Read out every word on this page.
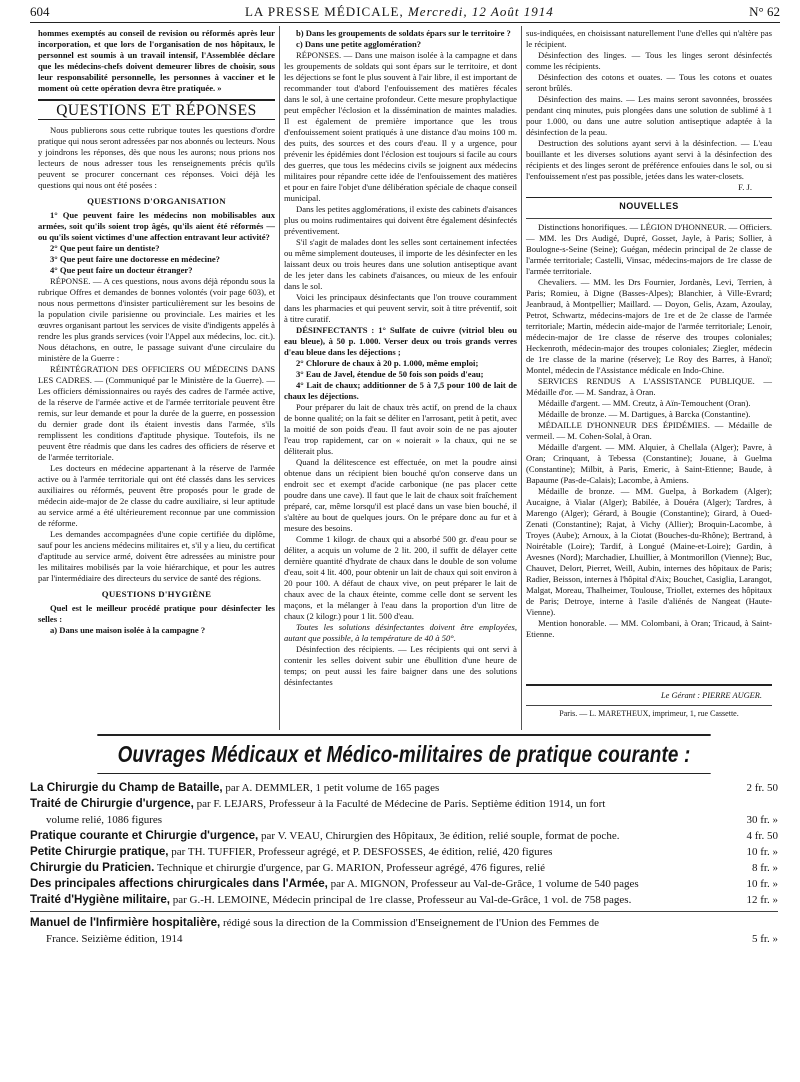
604	LA PRESSE MÉDICALE, Mercredi, 12 Août 1914	N° 62

hommes exemptés au conseil de revision ou réformés après leur incorporation, et que lors de l'organisation de nos hôpitaux, le personnel est soumis à un travail intensif, l'Assemblée déclare que les médecins-chefs doivent demeurer libres de choisir, sous leur responsabilité personnelle, les personnes à vacciner et le moment où cette opération devra être pratiquée. »

QUESTIONS ET RÉPONSES

Nous publierons sous cette rubrique toutes les questions d'ordre pratique qui nous seront adressées par nos abonnés ou lecteurs. Nous y joindrons les réponses, dès que nous les aurons; nous prions nos lecteurs de nous adresser tous les renseignements précis qu'ils peuvent se procurer concernant ces réponses. Voici déjà les questions qui nous ont été posées :

QUESTIONS D'ORGANISATION

1° Que peuvent faire les médecins non mobilisables aux armées, soit qu'ils soient trop âgés, qu'ils aient été réformés — ou qu'ils soient victimes d'une affection entravant leur activité?

2° Que peut faire un dentiste?

3° Que peut faire une doctoresse en médecine?

4° Que peut faire un docteur étranger?

RÉPONSE. — A ces questions, nous avons déjà répondu sous la rubrique Offres et demandes de bonnes volontés (voir page 603), et nous nous permettons d'insister particulièrement sur les besoins de la population civile parisienne ou provinciale. Les mairies et les œuvres organisant partout les services de visite d'indigents appelés à rendre les plus grands services (voir l'Appel aux médecins, loc. cit.). Nous détachons, en outre, le passage suivant d'une circulaire du ministère de la Guerre :

RÉINTÉGRATION DES OFFICIERS OU MÉDECINS DANS LES CADRES. — (Communiqué par le Ministère de la Guerre). — Les officiers démissionnaires ou rayés des cadres de l'armée active, de la réserve de l'armée active et de l'armée territoriale peuvent être remis, sur leur demande et pour la durée de la guerre, en possession du dernier grade dont ils étaient investis dans l'armée, s'ils remplissent les conditions d'aptitude physique. Toutefois, ils ne peuvent être réadmis que dans les cadres des officiers de réserve et de l'armée territoriale.

Les docteurs en médecine appartenant à la réserve de l'armée active ou à l'armée territoriale qui ont été classés dans les services auxiliaires ou réformés, peuvent être proposés pour le grade de médecin aide-major de 2e classe du cadre auxiliaire, si leur aptitude au service armé a été ultérieurement reconnue par une commission de réforme.

Les demandes accompagnées d'une copie certifiée du diplôme, sauf pour les anciens médecins militaires et, s'il y a lieu, du certificat d'aptitude au service armé, doivent être adressées au ministre pour les militaires mobilisés par la voie hiérarchique, et pour les autres par l'intermédiaire des directeurs du service de santé des régions.

QUESTIONS D'HYGIÈNE

Quel est le meilleur procédé pratique pour désinfecter les selles :

a) Dans une maison isolée à la campagne ?

b) Dans les groupements de soldats épars sur le territoire ?

c) Dans une petite agglomération?

RÉPONSES. — Dans une maison isolée à la campagne et dans les groupements de soldats qui sont épars sur le territoire, et dont les déjections se font le plus souvent à l'air libre, il est important de recommander tout d'abord l'enfouissement des matières fécales dans le sol, à une certaine profondeur. Cette mesure prophylactique peut empêcher l'éclosion et la dissémination de maintes maladies. Il est également de première importance que les trous d'enfouissement soient pratiqués à une distance d'au moins 100 m. des puits, des sources et des cours d'eau. Il y a urgence, pour prévenir les épidémies dont l'éclosion est toujours si facile au cours des guerres, que tous les médecins civils se joignent aux médecins militaires pour répandre cette idée de l'enfouissement des matières et pour en faire l'objet d'une délibération spéciale de chaque conseil municipal.

Dans les petites agglomérations, il existe des cabinets d'aisances plus ou moins rudimentaires qui doivent être également désinfectés préventivement.

S'il s'agit de malades dont les selles sont certainement infectées ou même simplement douteuses, il importe de les désinfecter en les laissant deux ou trois heures dans une solution antiseptique avant de les jeter dans les cabinets d'aisances, ou mieux de les enfouir dans le sol.

Voici les principaux désinfectants que l'on trouve couramment dans les pharmacies et qui peuvent servir, soit à titre préventif, soit à titre curatif.

DÉSINFECTANTS : 1° Sulfate de cuivre (vitriol bleu ou eau bleue), à 50 p. 1.000. Verser deux ou trois grands verres d'eau bleue dans les déjections ;

2° Chlorure de chaux à 20 p. 1.000, même emploi;

3° Eau de Javel, étendue de 50 fois son poids d'eau;

4° Lait de chaux; additionner de 5 à 7,5 pour 100 de lait de chaux les déjections.

Pour préparer du lait de chaux très actif, on prend de la chaux de bonne qualité; on la fait se déliter en l'arrosant, petit à petit, avec la moitié de son poids d'eau. Il faut avoir soin de ne pas ajouter l'eau trop rapidement, car on « noierait » la chaux, qui ne se déliterait plus.

Quand la délitescence est effectuée, on met la poudre ainsi obtenue dans un récipient bien bouché qu'on conserve dans un endroit sec et exempt d'acide carbonique (ne pas placer cette poudre dans une cave). Il faut que le lait de chaux soit fraîchement préparé, car, même lorsqu'il est placé dans un vase bien bouché, il s'altère au bout de quelques jours. On le prépare donc au fur et à mesure des besoins.

Comme 1 kilogr. de chaux qui a absorbé 500 gr. d'eau pour se déliter, a acquis un volume de 2 lit. 200, il suffit de délayer cette dernière quantité d'hydrate de chaux dans le double de son volume d'eau, soit 4 lit. 400, pour obtenir un lait de chaux qui soit environ à 20 pour 100. A défaut de chaux vive, on peut préparer le lait de chaux avec de la chaux éteinte, comme celle dont se servent les maçons, et la mélanger à l'eau dans la proportion d'un litre de chaux (2 kilogr.) pour 1 lit. 500 d'eau.

Toutes les solutions désinfectantes doivent être employées, autant que possible, à la température de 40 à 50°.

Désinfection des récipients. — Les récipients qui ont servi à contenir les selles doivent subir une ébullition d'une heure de temps; on peut aussi les faire baigner dans une des solutions désinfectantes

sus-indiquées, en choisissant naturellement l'une d'elles qui n'altère pas le récipient.

Désinfection des linges. — Tous les linges seront désinfectés comme les récipients.

Désinfection des cotons et ouates. — Tous les cotons et ouates seront brûlés.

Désinfection des mains. — Les mains seront savonnées, brossées pendant cinq minutes, puis plongées dans une solution de sublimé à 1 pour 1.000, ou dans une autre solution antiseptique adaptée à la désinfection de la peau.

Destruction des solutions ayant servi à la désinfection. — L'eau bouillante et les diverses solutions ayant servi à la désinfection des récipients et des linges seront de préférence enfouies dans le sol, ou si l'enfouissement n'est pas possible, jetées dans les water-closets.

F. J.
NOUVELLES

Distinctions honorifiques. — LÉGION D'HONNEUR. — Officiers. — MM. les Drs Audigé, Dupré, Gosset, Jayle, à Paris; Sollier, à Boulogne-s-Seine (Seine); Guégan, médecin principal de 2e classe de l'armée territoriale; Castelli, Vinsac, médecins-majors de 1re classe de l'armée territoriale.

Chevaliers. — MM. les Drs Fournier, Jordanès, Levi, Terrien, à Paris; Romieu, à Digne (Basses-Alpes); Blanchier, à Ville-Evrard; Jeanbraud, à Montpellier; Maillard. — Doyon, Gelis, Azam, Azoulay, Petrot, Schwartz, médecins-majors de 1re et de 2e classe de l'armée territoriale; Martin, médecin aide-major de l'armée territoriale; Lenoir, médecin-major de 1re classe de réserve des troupes coloniales; Heckenroth, médecin-major des troupes coloniales; Ziegler, médecin de 1re classe de la marine (réserve); Le Roy des Barres, à Hanoï; Montel, médecin de l'Assistance médicale en Indo-Chine.

SERVICES RENDUS A L'ASSISTANCE PUBLIQUE. — Médaille d'or. — M. Sandraz, à Oran.

Médaille d'argent. — MM. Creutz, à Aïn-Temouchent (Oran).

Médaille de bronze. — M. Dartigues, à Barcka (Constantine).

MÉDAILLE D'HONNEUR DES ÉPIDÉMIES. — Médaille de vermeil. — M. Cohen-Solal, à Oran.

Médaille d'argent. — MM. Alquier, à Chellala (Alger); Pavre, à Oran; Crinquant, à Tebessa (Constantine); Jouane, à Guelma (Constantine); Milbit, à Paris, Emeric, à Saint-Etienne; Baude, à Bapaume (Pas-de-Calais); Lacombe, à Amiens.

Médaille de bronze. — MM. Guelpa, à Borkadem (Alger); Aucaigne, à Vialar (Alger); Babilée, à Douéra (Alger); Tardres, à Marengo (Alger); Gérard, à Bougie (Constantine); Girard, à Oued-Zenati (Constantine); Rajat, à Vichy (Allier); Broquin-Lacombe, à Troyes (Aube); Arnoux, à la Ciotat (Bouches-du-Rhône); Bertrand, à Noirétable (Loire); Tardif, à Longué (Maine-et-Loire); Gardin, à Avesnes (Nord); Marchadier, Lhuillier, à Montmorillon (Vienne); Buc, Chauvet, Delort, Pierret, Weill, Aubin, internes des hôpitaux de Paris; Radier, Beisson, internes à l'hôpital d'Aix; Bouchet, Casiglia, Larangot, Malgat, Moreau, Thalheimer, Toulouse, Triollet, externes des hôpitaux de Paris; Detroye, interne à l'asile d'aliénés de Nangeat (Haute-Vienne).

Mention honorable. — MM. Colombani, à Oran; Tricaud, à Saint-Etienne.

Le Gérant : PIERRE AUGER.
Paris. — L. MARETHEUX, imprimeur, 1, rue Cassette.
Ouvrages Médicaux et Médico-militaires de pratique courante :
La Chirurgie du Champ de Bataille, par A. DEMMLER, 1 petit volume de 165 pages	2 fr. 50
Traité de Chirurgie d'urgence, par F. LEJARS, Professeur à la Faculté de Médecine de Paris. Septième édition 1914, un fort
volume relié, 1086 figures	30 fr. »
Pratique courante et Chirurgie d'urgence, par V. VEAU, Chirurgien des Hôpitaux, 3e édition, relié souple, format de poche.	4 fr. 50
Petite Chirurgie pratique, par TH. TUFFIER, Professeur agrégé, et P. DESFOSSES, 4e édition, relié, 420 figures	10 fr. »
Chirurgie du Praticien. Technique et chirurgie d'urgence, par G. MARION, Professeur agrégé, 476 figures, relié	8 fr. »
Des principales affections chirurgicales dans l'Armée, par A. MIGNON, Professeur au Val-de-Grâce, 1 volume de 540 pages	10 fr. »
Traité d'Hygiène militaire, par G.-H. LEMOINE, Médecin principal de 1re classe, Professeur au Val-de-Grâce, 1 vol. de 758 pages.	12 fr. »
Manuel de l'Infirmière hospitalière, rédigé sous la direction de la Commission d'Enseignement de l'Union des Femmes de
France. Seizième édition, 1914	5 fr. »
